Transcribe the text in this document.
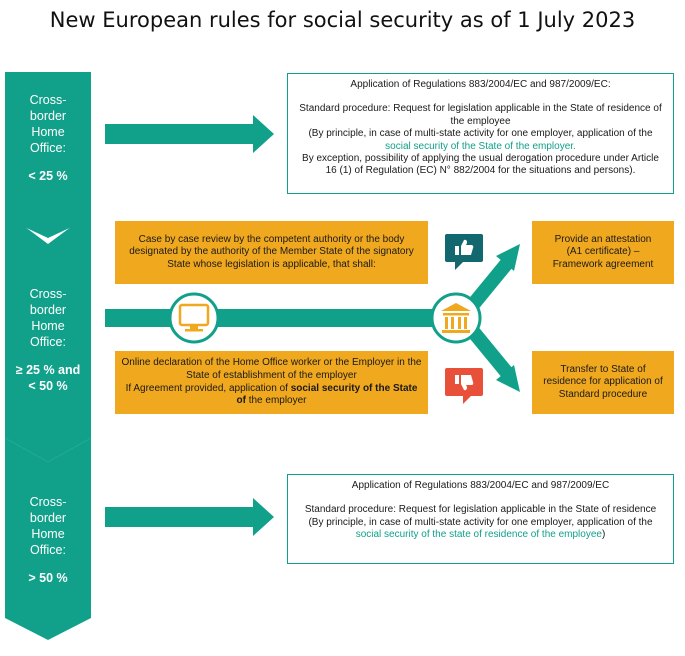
New European rules for social security as of 1 July 2023
Cross-
border
Home
Office:
< 25 %
Cross-
border
Home
Office:
≥ 25 % and
< 50 %
Cross-
border
Home
Office:
> 50 %

Application of Regulations 883/2004/EC and 987/2009/EC:

Standard procedure: Request for legislation applicable in the State of residence of the employee

(By principle, in case of multi-state activity for one employer, application of the social security of the State of the employer.

By exception, possibility of applying the usual derogation procedure under Article 16 (1) of Regulation (EC) N° 882/2004 for the situations and persons).

Case by case review by the competent authority or the body designated by the authority of the Member State of the signatory State whose legislation is applicable, that shall:

Online declaration of the Home Office worker or the Employer in the State of establishment of the employer

If Agreement provided, application of social security of the State of the employer

Provide an attestation (A1 certificate) – Framework agreement

Transfer to State of residence for application of Standard procedure

Application of Regulations 883/2004/EC and 987/2009/EC

Standard procedure: Request for legislation applicable in the State of residence

(By principle, in case of multi-state activity for one employer, application of the social security of the state of residence of the employee)
